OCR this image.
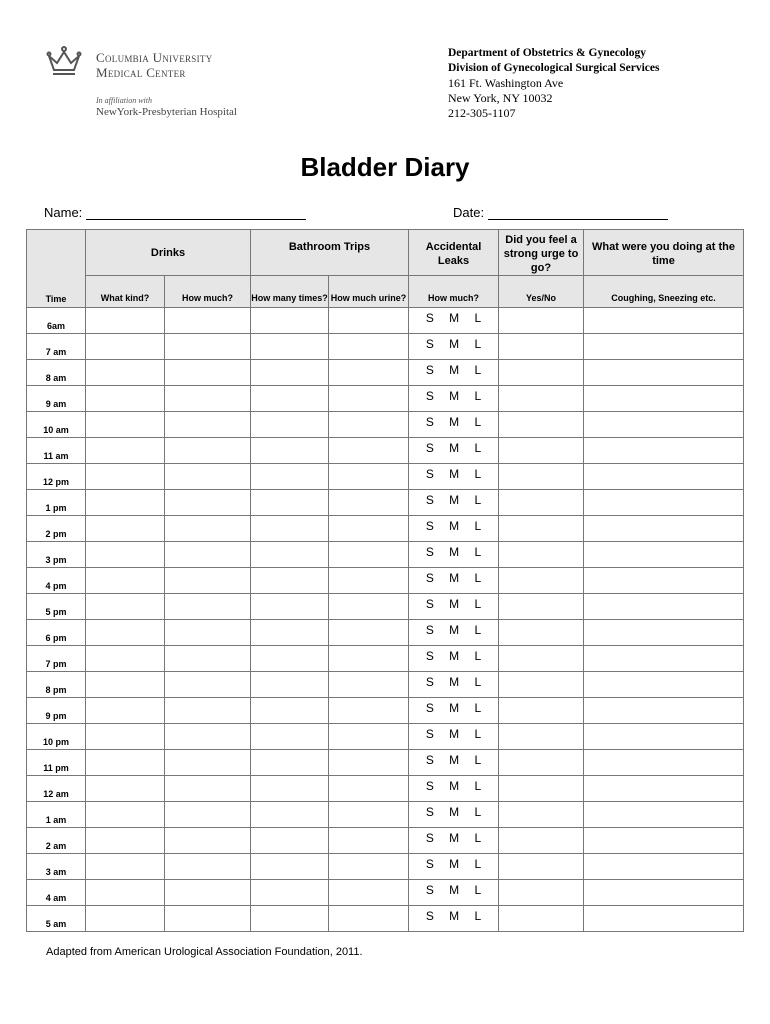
Columbia University
Medical Center
In affiliation with
NewYork-Presbyterian Hospital
Department of Obstetrics & Gynecology
Division of Gynecological Surgical Services
161 Ft. Washington Ave
New York, NY 10032
212-305-1107
Bladder Diary
Name:	Date:
Time	Drinks		Bathroom Trips		Accidental Leaks	Did you feel a strong urge to go?	What were you doing at the time
	What kind?	How much?	How many times?	How much urine?	How much?	Yes/No	Coughing, Sneezing etc.
6am					S M L		
7 am					S M L		
8 am					S M L		
9 am					S M L		
10 am					S M L		
11 am					S M L		
12 pm					S M L		
1 pm					S M L		
2 pm					S M L		
3 pm					S M L		
4 pm					S M L		
5 pm					S M L		
6 pm					S M L		
7 pm					S M L		
8 pm					S M L		
9 pm					S M L		
10 pm					S M L		
11 pm					S M L		
12 am					S M L		
1 am					S M L		
2 am					S M L		
3 am					S M L		
4 am					S M L		
5 am					S M L		
Adapted from American Urological Association Foundation, 2011.
